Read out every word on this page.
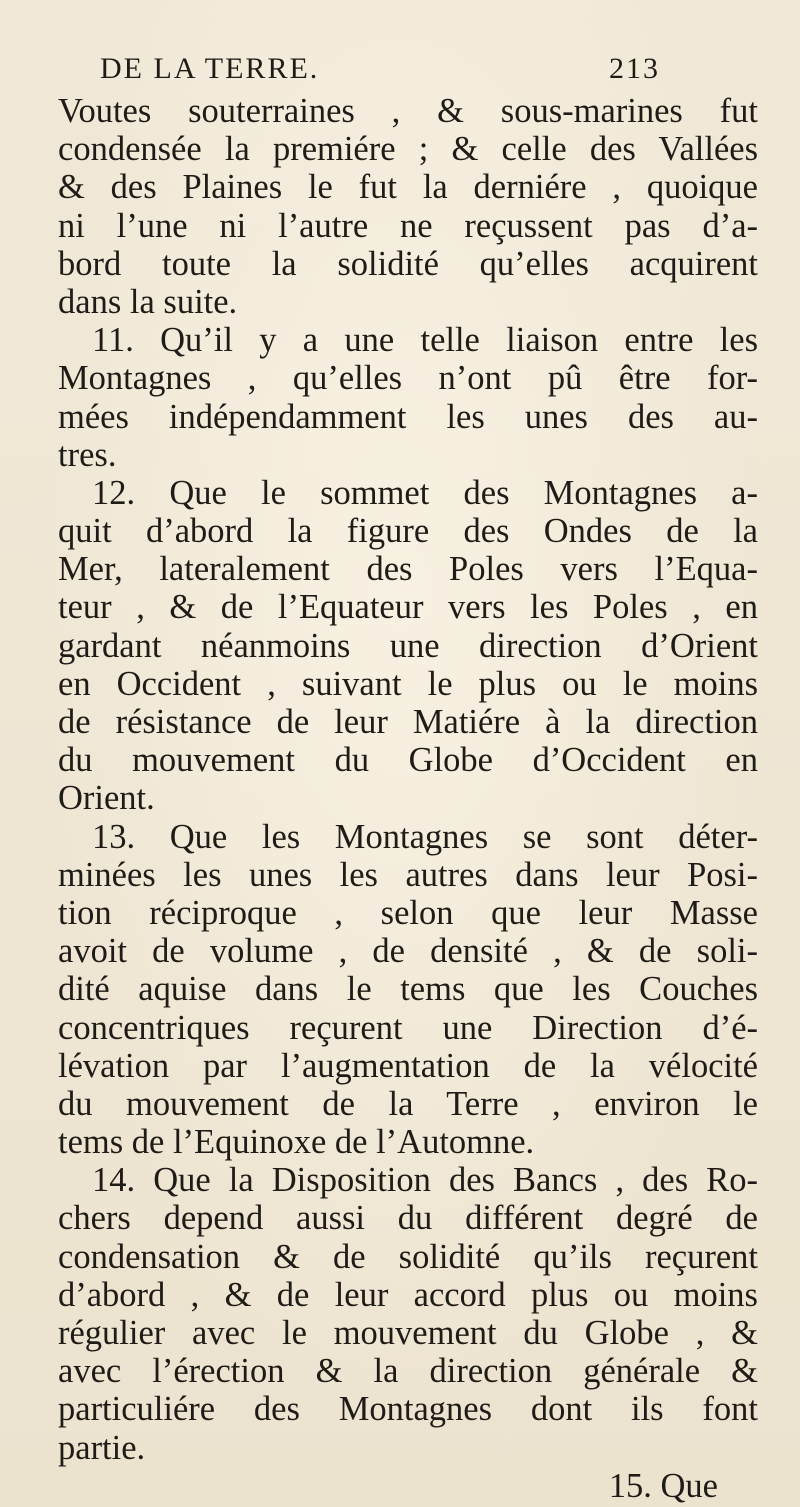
DE LA TERRE.	213
Voutes souterraines , & sous-marines fut
condensée la premiére ; & celle des Vallées
& des Plaines le fut la derniére , quoique
ni l’une ni l’autre ne reçussent pas d’a-
bord toute la solidité qu’elles acquirent
dans la suite.
11. Qu’il y a une telle liaison entre les
Montagnes , qu’elles n’ont pû être for-
mées indépendamment les unes des au-
tres.
12. Que le sommet des Montagnes a-
quit d’abord la figure des Ondes de la
Mer, lateralement des Poles vers l’Equa-
teur , & de l’Equateur vers les Poles , en
gardant néanmoins une direction d’Orient
en Occident , suivant le plus ou le moins
de résistance de leur Matiére à la direction
du mouvement du Globe d’Occident en
Orient.
13. Que les Montagnes se sont déter-
minées les unes les autres dans leur Posi-
tion réciproque , selon que leur Masse
avoit de volume , de densité , & de soli-
dité aquise dans le tems que les Couches
concentriques reçurent une Direction d’é-
lévation par l’augmentation de la vélocité
du mouvement de la Terre , environ le
tems de l’Equinoxe de l’Automne.
14. Que la Disposition des Bancs , des Ro-
chers depend aussi du différent degré de
condensation & de solidité qu’ils reçurent
d’abord , & de leur accord plus ou moins
régulier avec le mouvement du Globe , &
avec l’érection & la direction générale &
particuliére des Montagnes dont ils font
partie.
15. Que
